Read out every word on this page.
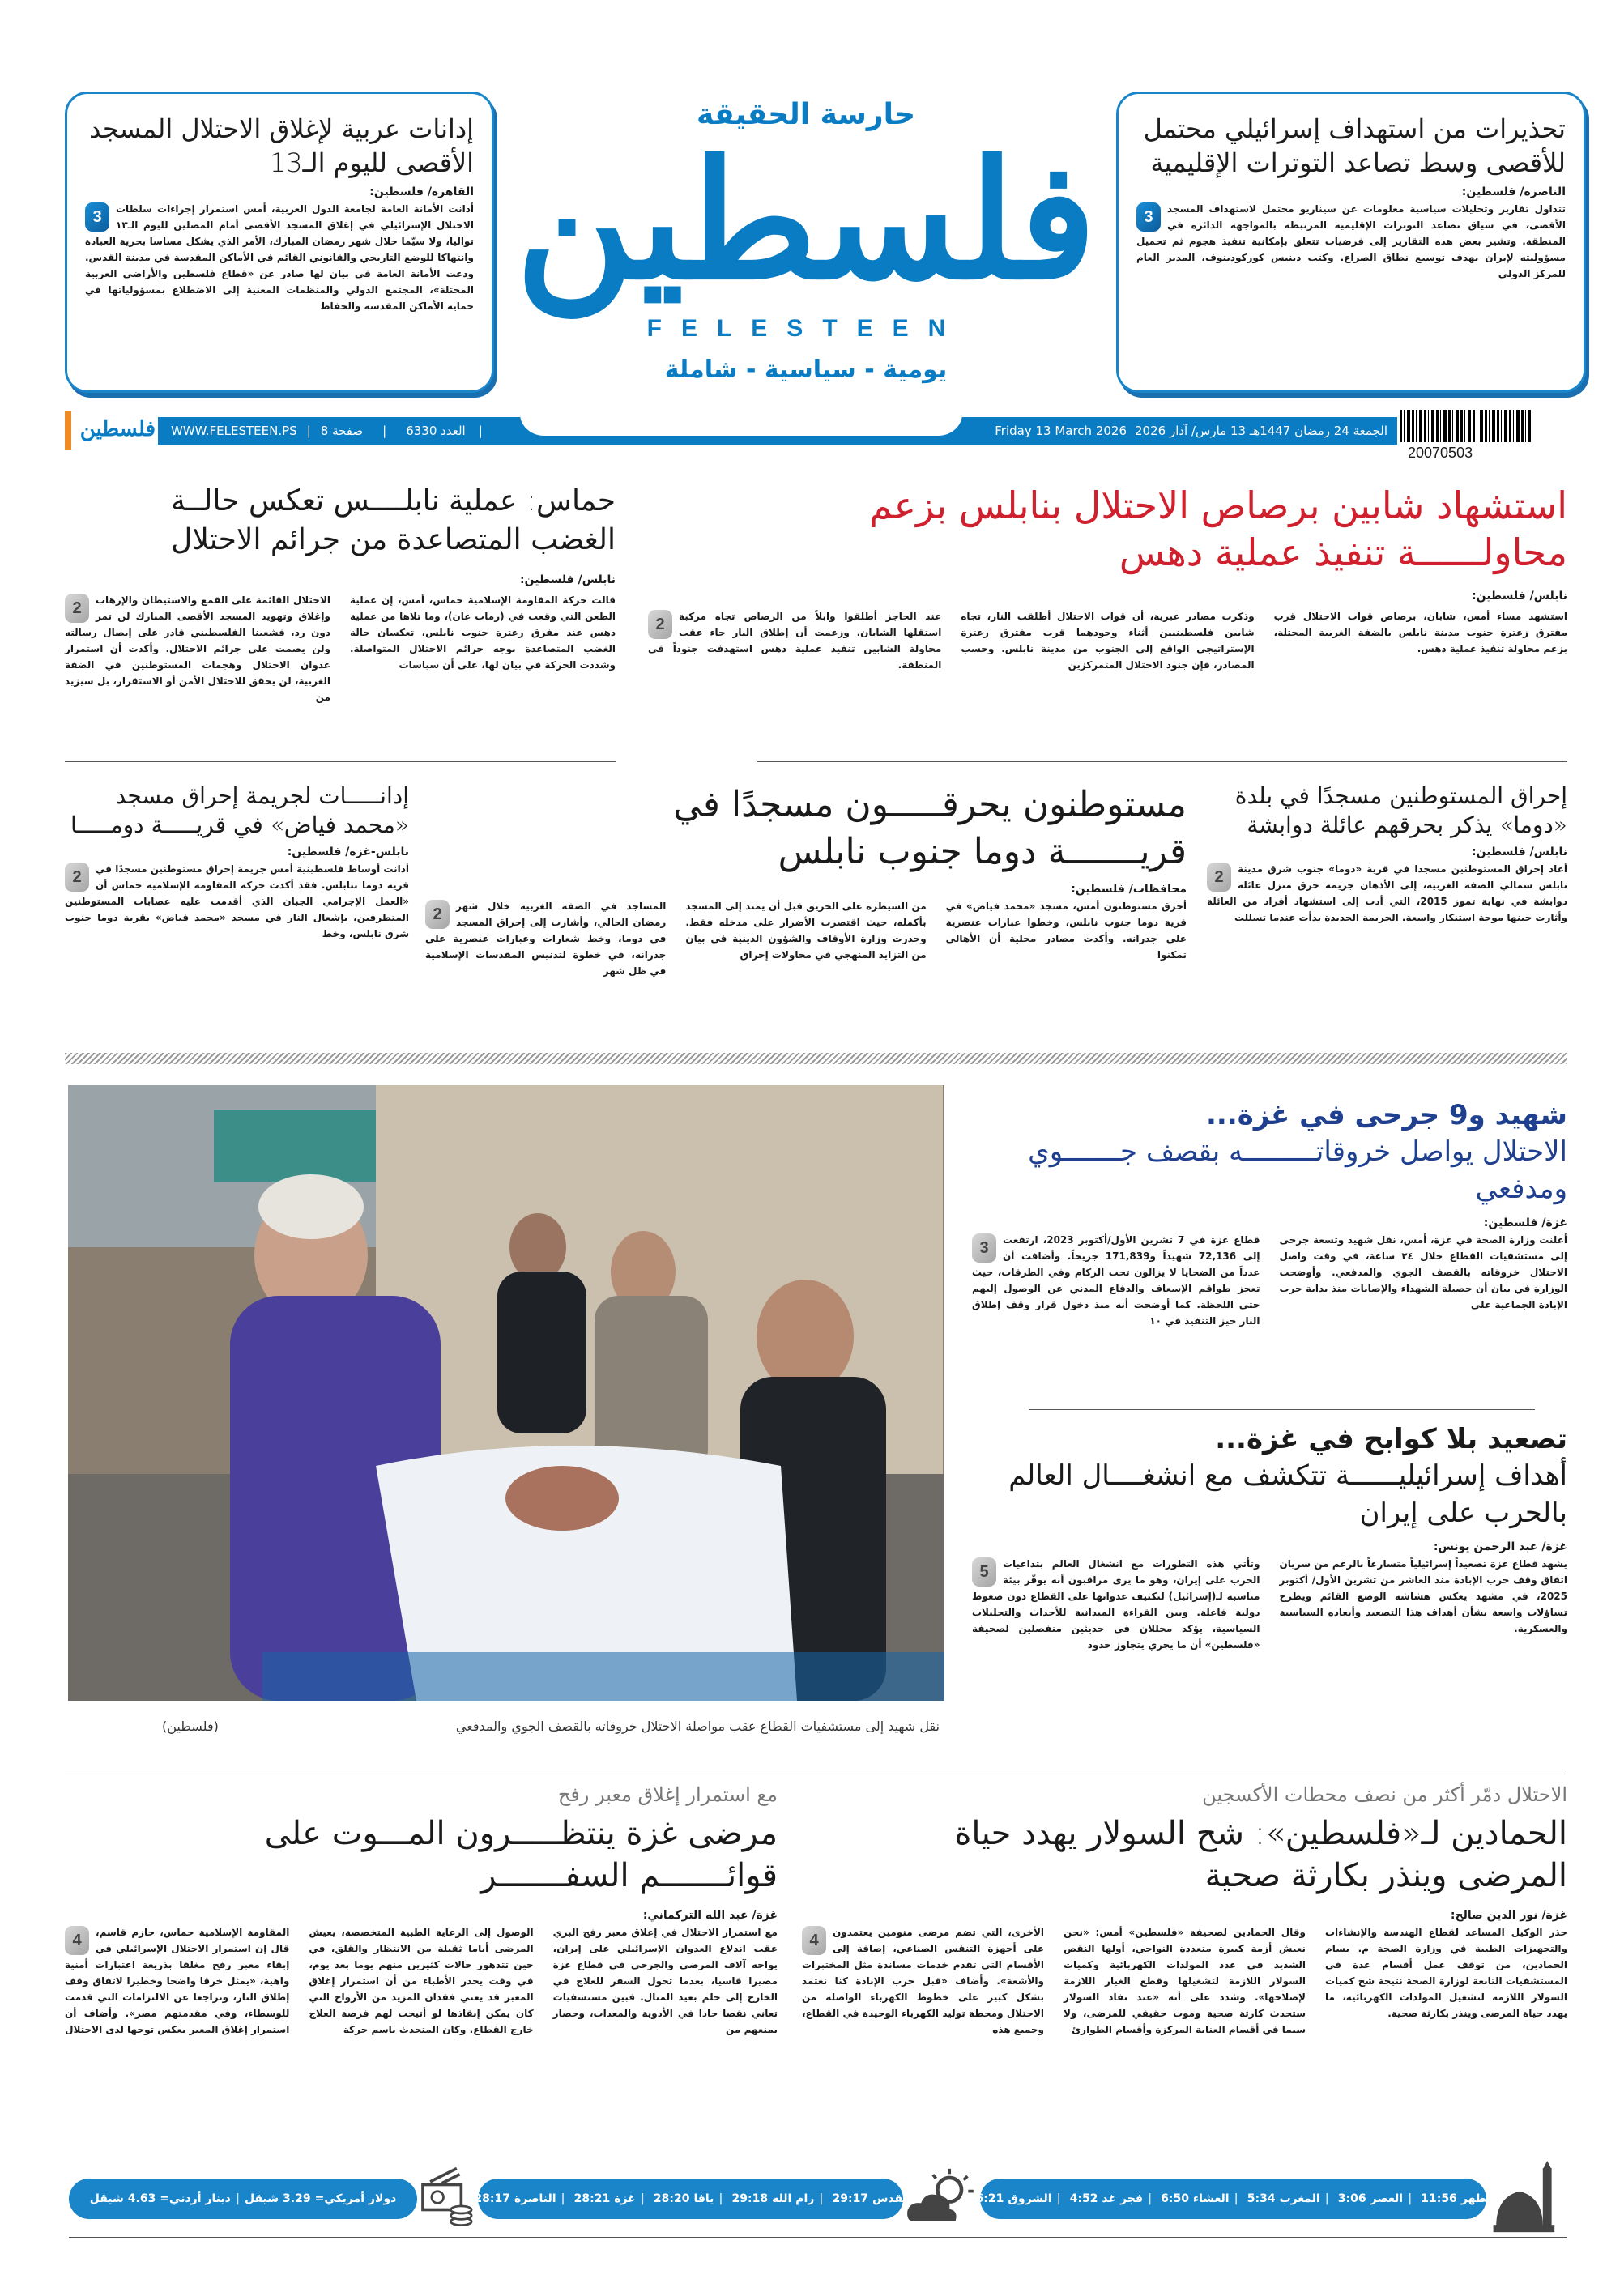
تحذيرات من استهداف إسرائيلي محتمل للأقصى وسط تصاعد التوترات الإقليمية
الناصرة/ فلسطين:
3	تتداول تقارير وتحليلات سياسية معلومات عن سيناريو محتمل لاستهداف المسجد الأقصى، في سياق تصاعد التوترات الإقليمية المرتبطة بالمواجهة الدائرة في المنطقة. وتشير بعض هذه التقارير إلى فرضيات تتعلق بإمكانية تنفيذ هجوم ثم تحميل مسؤوليته لإيران بهدف توسيع نطاق الصراع. وكتب دينيس كوركودينوف، المدير العام للمركز الدولي
إدانات عربية لإغلاق الاحتلال المسجد الأقصى لليوم الـ13
القاهرة/ فلسطين:
3	أدانت الأمانة العامة لجامعة الدول العربية، أمس استمرار إجراءات سلطات الاحتلال الإسرائيلي في إغلاق المسجد الأقصى أمام المصلين لليوم الـ١٣ تواليا، ولا سيّما خلال شهر رمضان المبارك، الأمر الذي يشكل مساسا بحرية العبادة وانتهاكا للوضع التاريخي والقانوني القائم في الأماكن المقدسة في مدينة القدس. ودعت الأمانة العامة في بيان لها صادر عن «قطاع فلسطين والأراضي العربية المحتلة»، المجتمع الدولي والمنظمات المعنية إلى الاضطلاع بمسؤولياتها في حماية الأماكن المقدسة والحفاظ
حارسة الحقيقة
فلسطين
FELESTEEN
يومية - سياسية - شاملة
WWW.FELESTEEN.PS | 8 صفحة | 6330 العدد |	Friday 13 March 2026 الجمعة 24 رمضان 1447هـ 13 مارس/ آذار 2026
فلسطين
20070503
استشهاد شابين برصاص الاحتلال بنابلس بزعم محاولــــــة تنفيذ عملية دهس
نابلس/ فلسطين:
استشهد مساء أمس، شابان، برصاص قوات الاحتلال قرب مفترق زعترة جنوب مدينة نابلس بالضفة الغربية المحتلة، بزعم محاولة تنفيذ عملية دهس.
وذكرت مصادر عبرية، أن قوات الاحتلال أطلقت النار، تجاه شابين فلسطينيين أثناء وجودهما قرب مفترق زعترة الإستراتيجي الواقع إلى الجنوب من مدينة نابلس. وحسب المصادر، فإن جنود الاحتلال المتمركزين
2	عند الحاجز أطلقوا وابلاً من الرصاص تجاه مركبة استقلها الشابان. وزعمت أن إطلاق النار جاء عقب محاولة الشابين تنفيذ عملية دهس استهدفت جنوداً في المنطقة.
حماس: عملية نابلــــس تعكس حالــة الغضب المتصاعدة من جرائم الاحتلال
نابلس/ فلسطين:
قالت حركة المقاومة الإسلامية حماس، أمس، إن عملية الطعن التي وقعت في (رمات غان)، وما تلاها من عملية دهس عند مفرق زعترة جنوب نابلس، تعكسان حالة الغضب المتصاعدة بوجه جرائم الاحتلال المتواصلة. وشددت الحركة في بيان لها، على أن سياسات
2	الاحتلال القائمة على القمع والاستيطان والإرهاب وإغلاق وتهويد المسجد الأقصى المبارك لن تمر دون رد، فشعبنا الفلسطيني قادر على إيصال رسالته ولن يصمت على جرائم الاحتلال. وأكدت أن استمرار عدوان الاحتلال وهجمات المستوطنين في الضفة الغربية، لن يحقق للاحتلال الأمن أو الاستقرار، بل سيزيد من
إحراق المستوطنين مسجدًا في بلدة «دوما» يذكر بحرقهم عائلة دوابشة
نابلس/ فلسطين:
2	أعاد إحراق المستوطنين مسجدا في قرية «دوما» جنوب شرق مدينة نابلس شمالي الضفة الغربية، إلى الأذهان جريمة حرق منزل عائلة دوابشة في نهاية تموز 2015، التي أدت إلى استشهاد أفراد من العائلة وأثارت حينها موجة استنكار واسعة. الجريمة الجديدة بدأت عندما تسللت
مستوطنون يحرقـــــون مسجدًا في قريـــــــة دوما جنوب نابلس
محافظات/ فلسطين:
أحرق مستوطنون أمس، مسجد «محمد فياض» في قرية دوما جنوب نابلس، وخطوا عبارات عنصرية على جدرانه. وأكدت مصادر محلية أن الأهالي تمكنوا
من السيطرة على الحريق قبل أن يمتد إلى المسجد بأكمله، حيث اقتصرت الأضرار على مدخله فقط. وحذرت وزارة الأوقاف والشؤون الدينية في بيان من التزايد المنهجي في محاولات إحراق
2	المساجد في الضفة الغربية خلال شهر رمضان الحالي، وأشارت إلى إحراق المسجد في دوما، وخط شعارات وعبارات عنصرية على جدرانه، في خطوة لتدنيس المقدسات الإسلامية في ظل شهر
إدانـــــات لجريمة إحراق مسجد «محمد فياض» في قريـــــة دومـــــا
نابلس-غزة/ فلسطين:
2	أدانت أوساط فلسطينية أمس جريمة إحراق مستوطنين مسجدًا في قرية دوما بنابلس. فقد أكدت حركة المقاومة الإسلامية حماس أن «العمل الإجرامي الجبان الذي أقدمت عليه عصابات المستوطنين المتطرفين، بإشعال النار في مسجد «محمد فياض» بقرية دوما جنوب شرق نابلس، وخط
نقل شهيد إلى مستشفيات القطاع عقب مواصلة الاحتلال خروقاته بالقصف الجوي والمدفعي
(فلسطين)
شهيد و9 جرحى في غزة...
الاحتلال يواصل خروقاتـــــــــه بقصف جـــــــوي ومدفعي
غزة/ فلسطين:
أعلنت وزارة الصحة في غزة، أمس، نقل شهيد وتسعة جرحى إلى مستشفيات القطاع خلال ٢٤ ساعة، في وقت واصل الاحتلال خروقاته بالقصف الجوي والمدفعي. وأوضحت الوزارة في بيان أن حصيلة الشهداء والإصابات منذ بداية حرب الإبادة الجماعية على
3	قطاع غزة في 7 تشرين الأول/أكتوبر 2023، ارتفعت إلى 72,136 شهيداً و171,839 جريحاً. وأضافت أن عدداً من الضحايا لا يزالون تحت الركام وفي الطرقات، حيث تعجز طواقم الإسعاف والدفاع المدني عن الوصول إليهم حتى اللحظة. كما أوضحت أنه منذ دخول قرار وقف إطلاق النار حيز التنفيذ في ١٠
تصعيد بلا كوابح في غزة...
أهداف إسرائيليــــــة تتكشف مع انشغــــال العالم بالحرب على إيران
غزة/ عبد الرحمن يونس:
يشهد قطاع غزة تصعيداً إسرائيلياً متسارعاً بالرغم من سريان اتفاق وقف حرب الإبادة منذ العاشر من تشرين الأول/ أكتوبر 2025، في مشهد يعكس هشاشة الوضع القائم ويطرح تساؤلات واسعة بشأن أهداف هذا التصعيد وأبعاده السياسية والعسكرية.
5	وتأتي هذه التطورات مع انشغال العالم بتداعيات الحرب على إيران، وهو ما يرى مراقبون أنه يوفّر بيئة مناسبة لـ(إسرائيل) لتكثيف عدوانها على القطاع دون ضغوط دولية فاعلة. وبين القراءة الميدانية للأحداث والتحليلات السياسية، يؤكد محللان في حديثين منفصلين لصحيفة «فلسطين» أن ما يجري يتجاوز حدود
الاحتلال دمّر أكثر من نصف محطات الأكسجين
الحمادين لـ«فلسطين»: شح السولار يهدد حياة المرضى وينذر بكارثة صحية
غزة/ نور الدين صالح:
حذر الوكيل المساعد لقطاع الهندسة والإنشاءات والتجهيزات الطبية في وزارة الصحة م. بسام الحمادين، من توقف عمل أقسام عدة في المستشفيات التابعة لوزارة الصحة نتيجة شح كميات السولار اللازمة لتشغيل المولدات الكهربائية، ما يهدد حياة المرضى وينذر بكارثة صحية.
وقال الحمادين لصحيفة «فلسطين» أمس: «نحن نعيش أزمة كبيرة متعددة النواحي، أولها النقص الشديد في عدد المولدات الكهربائية وكميات السولار اللازمة لتشغيلها وقطع الغيار اللازمة لإصلاحها». وشدد على أنه «عند نفاد السولار ستحدث كارثة صحية وموت حقيقي للمرضى، ولا سيما في أقسام العناية المركزة وأقسام الطوارئ
4	الأخرى، التي تضم مرضى منومين يعتمدون على أجهزة التنفس الصناعي، إضافة إلى الأقسام التي تقدم خدمات مساندة مثل المختبرات والأشعة». وأضاف «قبل حرب الإبادة كنا نعتمد بشكل كبير على خطوط الكهرباء الواصلة من الاحتلال ومحطة توليد الكهرباء الوحيدة في القطاع، وجميع هذه
مع استمرار إغلاق معبر رفح
مرضى غزة ينتظـــــرون المـــوت على قوائـــــــم السفـــــــر
غزة/ عبد الله التركماني:
مع استمرار الاحتلال في إغلاق معبر رفح البري عقب اندلاع العدوان الإسرائيلي على إيران، يواجه آلاف المرضى والجرحى في قطاع غزة مصيرا قاسيا، بعدما تحول السفر للعلاج في الخارج إلى حلم بعيد المنال. فبين مستشفيات تعاني نقصا حادا في الأدوية والمعدات، وحصار يمنعهم من
الوصول إلى الرعاية الطبية المتخصصة، يعيش المرضى أياما ثقيلة من الانتظار والقلق، في حين تتدهور حالات كثيرين منهم يوما بعد يوم، في وقت يحذر الأطباء من أن استمرار إغلاق المعبر قد يعني فقدان المزيد من الأرواح التي كان يمكن إنقاذها لو أتيحت لهم فرصة العلاج خارج القطاع. وكان المتحدث باسم حركة
4	المقاومة الإسلامية حماس، حازم قاسم، قال إن استمرار الاحتلال الإسرائيلي في إبقاء معبر رفح مغلقا بذريعة اعتبارات أمنية واهية، «يمثل خرقا واضحا وخطيرا لاتفاق وقف إطلاق النار، وتراجعا عن الالتزامات التي قدمت للوسطاء، وفي مقدمتهم مصر». وأضاف أن استمرار إغلاق المعبر يعكس توجها لدى الاحتلال
الظهر11:56
|
العصر3:06
|
المغرب5:34
|
العشاء6:50
|
فجر غد4:52
|
الشروق6:21
القدس29:17
|
رام الله29:18
|
يافا28:20
|
غزة28:21
|
الناصرة28:17
دولار أمريكي=3.29شيقل
|
دينار أردني=4.63شيقل
